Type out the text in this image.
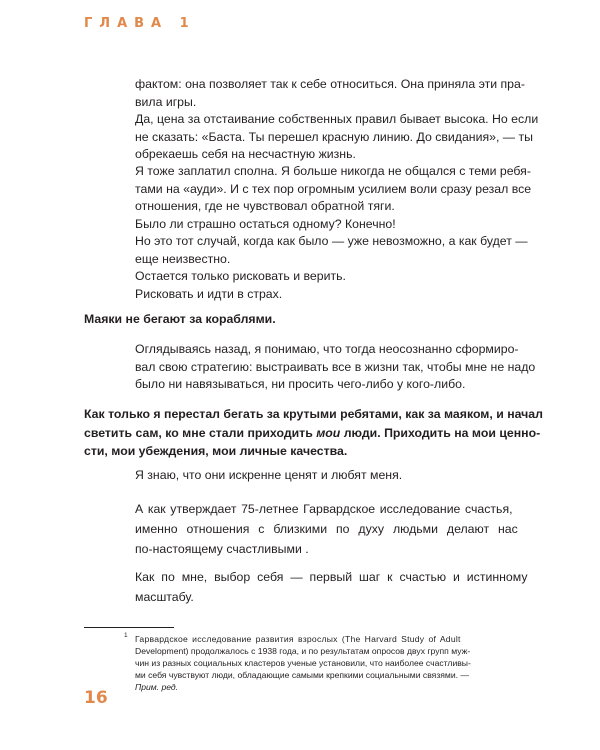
ГЛАВА 1
фактом: она позволяет так к себе относиться. Она приняла эти пра-
вила игры.
Да, цена за отстаивание собственных правил бывает высока. Но если
не сказать: «Баста. Ты перешел красную линию. До свидания», — ты
обрекаешь себя на несчастную жизнь.
Я тоже заплатил сполна. Я больше никогда не общался с теми ребя-
тами на «ауди». И с тех пор огромным усилием воли сразу резал все
отношения, где не чувствовал обратной тяги.
Было ли страшно остаться одному? Конечно!
Но это тот случай, когда как было — уже невозможно, а как будет —
еще неизвестно.
Остается только рисковать и верить.
Рисковать и идти в страх.
Маяки не бегают за кораблями.
Оглядываясь назад, я понимаю, что тогда неосознанно сформиро-
вал свою стратегию: выстраивать все в жизни так, чтобы мне не надо
было ни навязываться, ни просить чего-либо у кого-либо.
Как только я перестал бегать за крутыми ребятами, как за маяком, и начал
светить сам, ко мне стали приходить мои люди. Приходить на мои ценно-
сти, мои убеждения, мои личные качества.
Я знаю, что они искренне ценят и любят меня.
А как утверждает 75-летнее Гарвардское исследование счастья,
именно отношения с близкими по духу людьми делают нас
по-настоящему счастливыми .
Как по мне, выбор себя — первый шаг к счастью и истинному
масштабу.
1 Гарвардское исследование развития взрослых (The Harvard Study of Adult
Development) продолжалось с 1938 года, и по результатам опросов двух групп муж-
чин из разных социальных кластеров ученые установили, что наиболее счастливы-
ми себя чувствуют люди, обладающие самыми крепкими социальными связями. —
Прим. ред.
16
